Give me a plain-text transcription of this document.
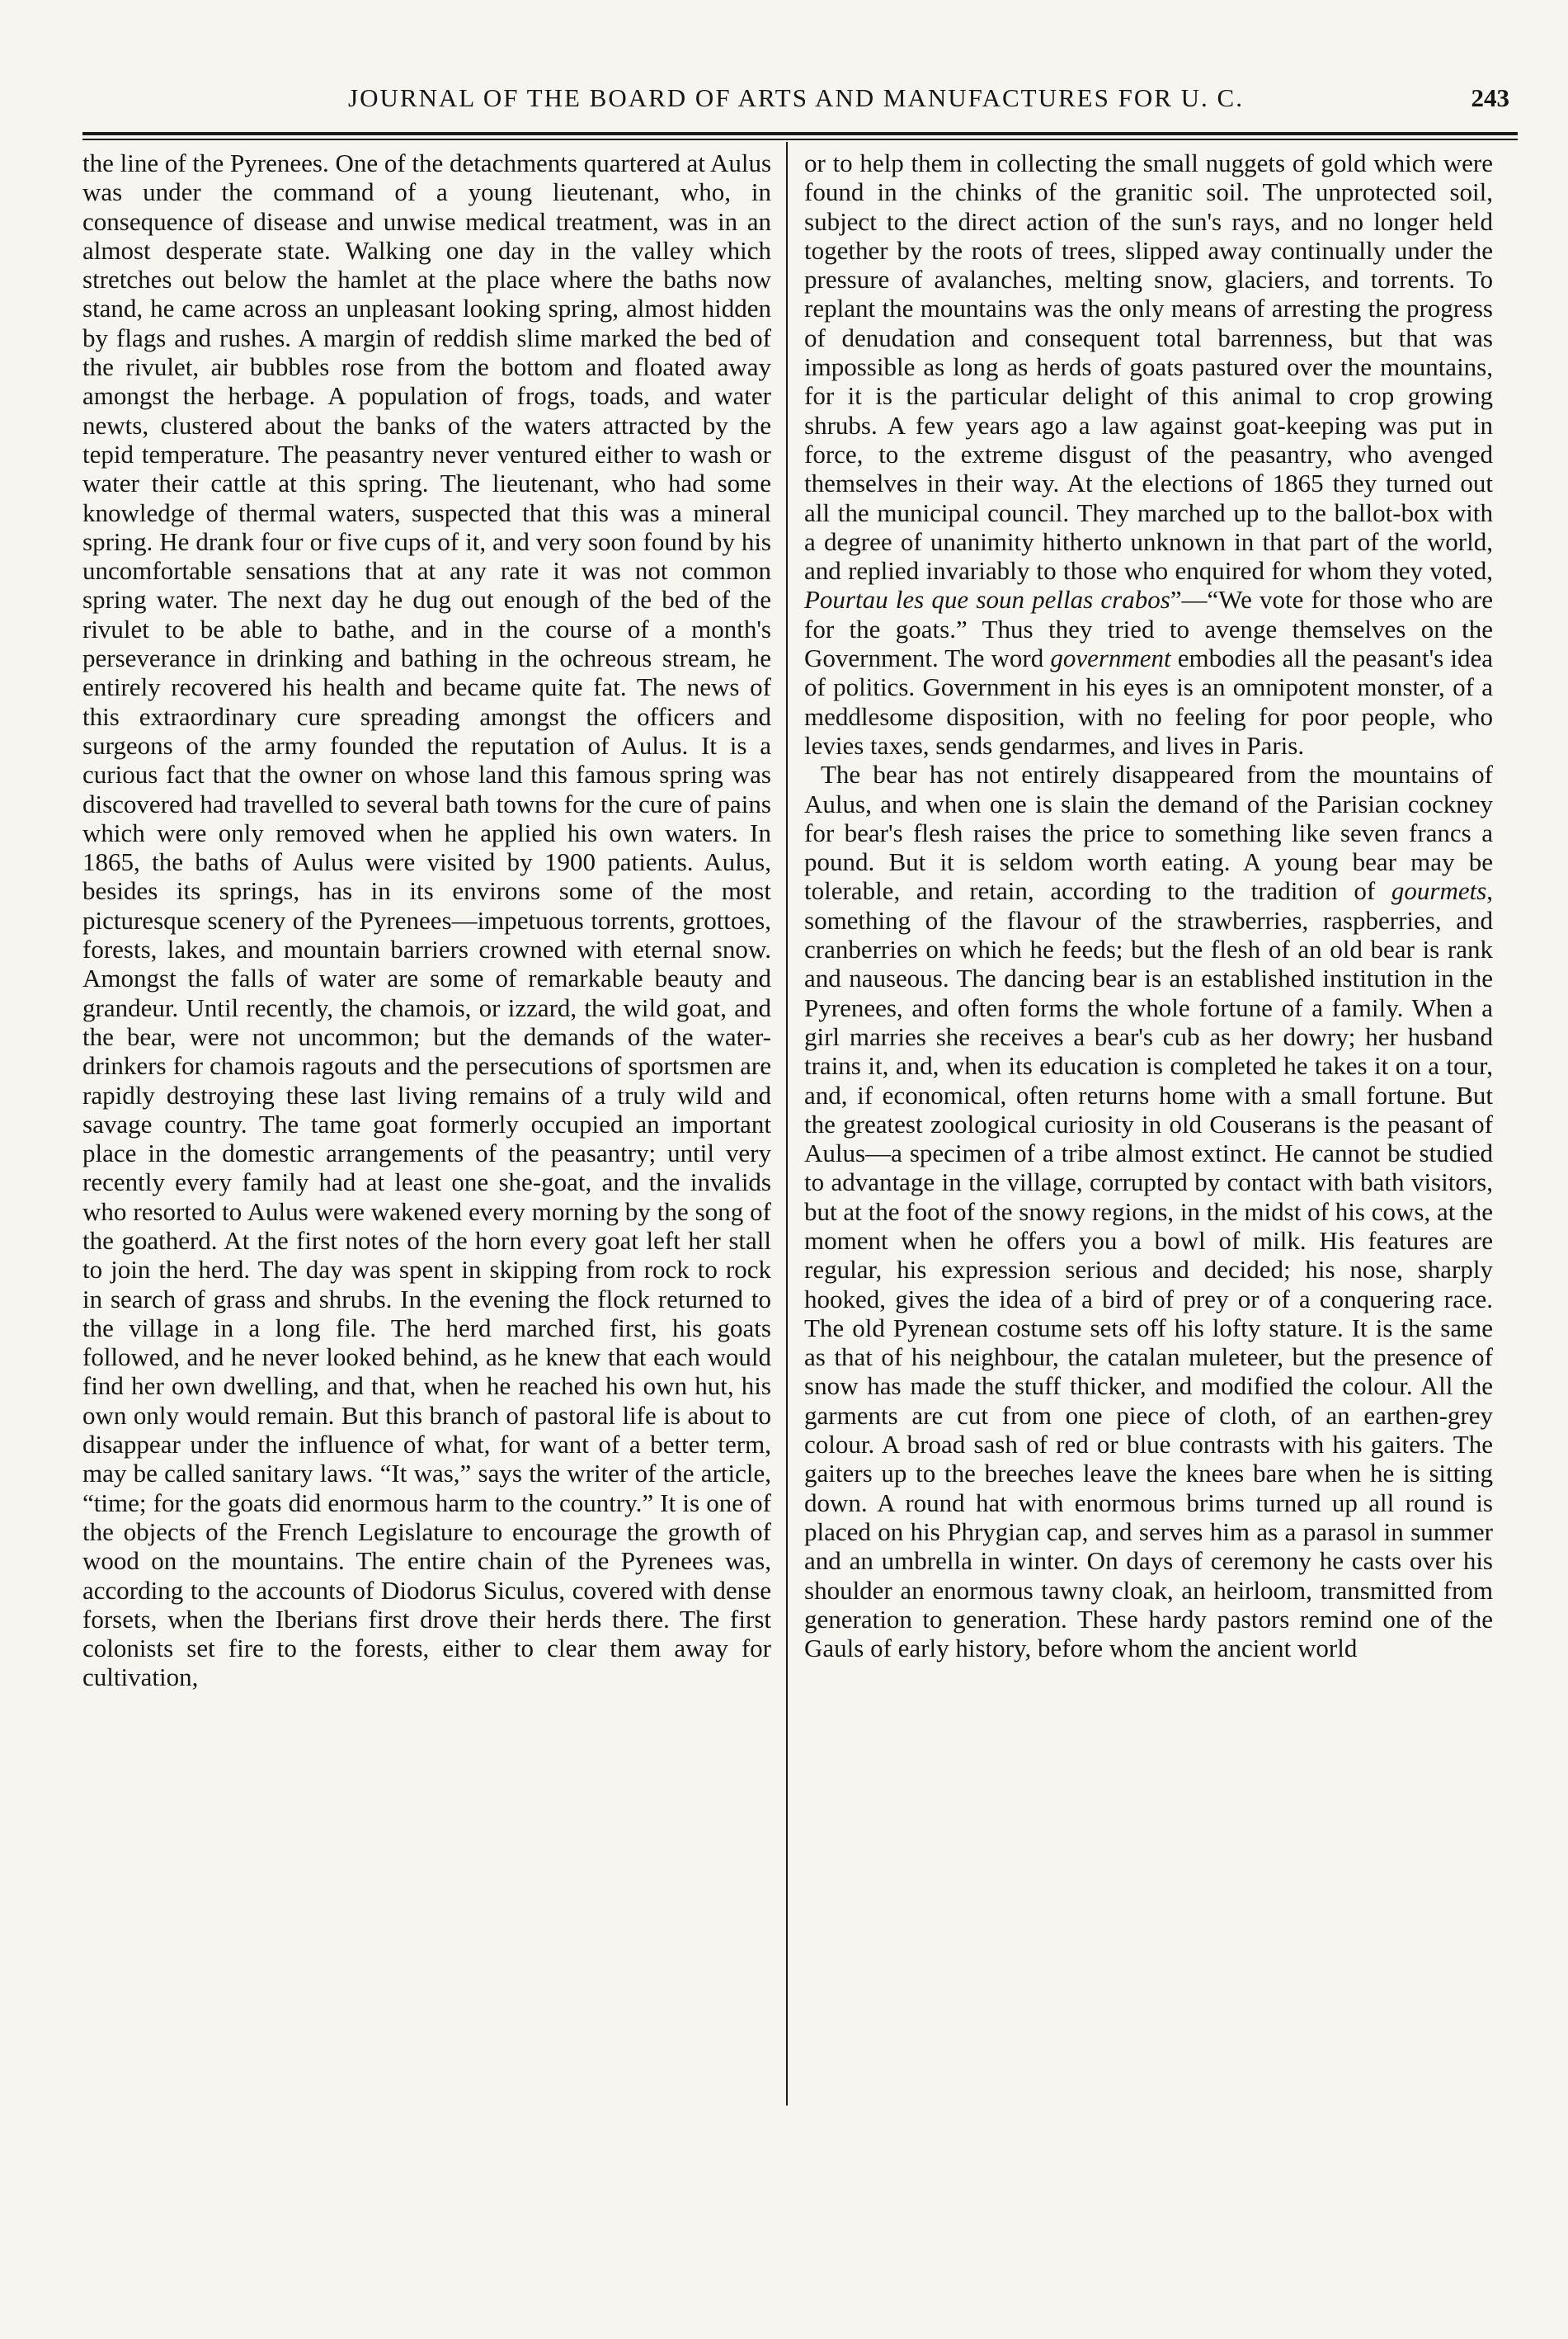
JOURNAL OF THE BOARD OF ARTS AND MANUFACTURES FOR U. C.	243

the line of the Pyrenees. One of the detachments quartered at Aulus was under the command of a young lieutenant, who, in consequence of disease and unwise medical treatment, was in an almost desperate state. Walking one day in the valley which stretches out below the hamlet at the place where the baths now stand, he came across an unpleasant looking spring, almost hidden by flags and rushes. A margin of reddish slime marked the bed of the rivulet, air bubbles rose from the bottom and floated away amongst the herbage. A population of frogs, toads, and water newts, clustered about the banks of the waters attracted by the tepid temperature. The peasantry never ventured either to wash or water their cattle at this spring. The lieutenant, who had some knowledge of thermal waters, suspected that this was a mineral spring. He drank four or five cups of it, and very soon found by his uncomfortable sensations that at any rate it was not common spring water. The next day he dug out enough of the bed of the rivulet to be able to bathe, and in the course of a month's perseverance in drinking and bathing in the ochreous stream, he entirely recovered his health and became quite fat. The news of this extraordinary cure spreading amongst the officers and surgeons of the army founded the reputation of Aulus. It is a curious fact that the owner on whose land this famous spring was discovered had travelled to several bath towns for the cure of pains which were only removed when he applied his own waters. In 1865, the baths of Aulus were visited by 1900 patients. Aulus, besides its springs, has in its environs some of the most picturesque scenery of the Pyrenees—impetuous torrents, grottoes, forests, lakes, and mountain barriers crowned with eternal snow. Amongst the falls of water are some of remarkable beauty and grandeur. Until recently, the chamois, or izzard, the wild goat, and the bear, were not uncommon; but the demands of the water-drinkers for chamois ragouts and the persecutions of sportsmen are rapidly destroying these last living remains of a truly wild and savage country. The tame goat formerly occupied an important place in the domestic arrangements of the peasantry; until very recently every family had at least one she-goat, and the invalids who resorted to Aulus were wakened every morning by the song of the goatherd. At the first notes of the horn every goat left her stall to join the herd. The day was spent in skipping from rock to rock in search of grass and shrubs. In the evening the flock returned to the village in a long file. The herd marched first, his goats followed, and he never looked behind, as he knew that each would find her own dwelling, and that, when he reached his own hut, his own only would remain. But this branch of pastoral life is about to disappear under the influence of what, for want of a better term, may be called sanitary laws. “It was,” says the writer of the article, “time; for the goats did enormous harm to the country.” It is one of the objects of the French Legislature to encourage the growth of wood on the mountains. The entire chain of the Pyrenees was, according to the accounts of Diodorus Siculus, covered with dense forsets, when the Iberians first drove their herds there. The first colonists set fire to the forests, either to clear them away for cultivation,

or to help them in collecting the small nuggets of gold which were found in the chinks of the granitic soil. The unprotected soil, subject to the direct action of the sun's rays, and no longer held together by the roots of trees, slipped away continually under the pressure of avalanches, melting snow, glaciers, and torrents. To replant the mountains was the only means of arresting the progress of denudation and consequent total barrenness, but that was impossible as long as herds of goats pastured over the mountains, for it is the particular delight of this animal to crop growing shrubs. A few years ago a law against goat-keeping was put in force, to the extreme disgust of the peasantry, who avenged themselves in their way. At the elections of 1865 they turned out all the municipal council. They marched up to the ballot-box with a degree of unanimity hitherto unknown in that part of the world, and replied invariably to those who enquired for whom they voted, Pourtau les que soun pellas crabos”—“We vote for those who are for the goats.” Thus they tried to avenge themselves on the Government. The word government embodies all the peasant's idea of politics. Government in his eyes is an omnipotent monster, of a meddlesome disposition, with no feeling for poor people, who levies taxes, sends gendarmes, and lives in Paris.

The bear has not entirely disappeared from the mountains of Aulus, and when one is slain the demand of the Parisian cockney for bear's flesh raises the price to something like seven francs a pound. But it is seldom worth eating. A young bear may be tolerable, and retain, according to the tradition of gourmets, something of the flavour of the strawberries, raspberries, and cranberries on which he feeds; but the flesh of an old bear is rank and nauseous. The dancing bear is an established institution in the Pyrenees, and often forms the whole fortune of a family. When a girl marries she receives a bear's cub as her dowry; her husband trains it, and, when its education is completed he takes it on a tour, and, if economical, often returns home with a small fortune. But the greatest zoological curiosity in old Couserans is the peasant of Aulus—a specimen of a tribe almost extinct. He cannot be studied to advantage in the village, corrupted by contact with bath visitors, but at the foot of the snowy regions, in the midst of his cows, at the moment when he offers you a bowl of milk. His features are regular, his expression serious and decided; his nose, sharply hooked, gives the idea of a bird of prey or of a conquering race. The old Pyrenean costume sets off his lofty stature. It is the same as that of his neighbour, the catalan muleteer, but the presence of snow has made the stuff thicker, and modified the colour. All the garments are cut from one piece of cloth, of an earthen-grey colour. A broad sash of red or blue contrasts with his gaiters. The gaiters up to the breeches leave the knees bare when he is sitting down. A round hat with enormous brims turned up all round is placed on his Phrygian cap, and serves him as a parasol in summer and an umbrella in winter. On days of ceremony he casts over his shoulder an enormous tawny cloak, an heirloom, transmitted from generation to generation. These hardy pastors remind one of the Gauls of early history, before whom the ancient world
